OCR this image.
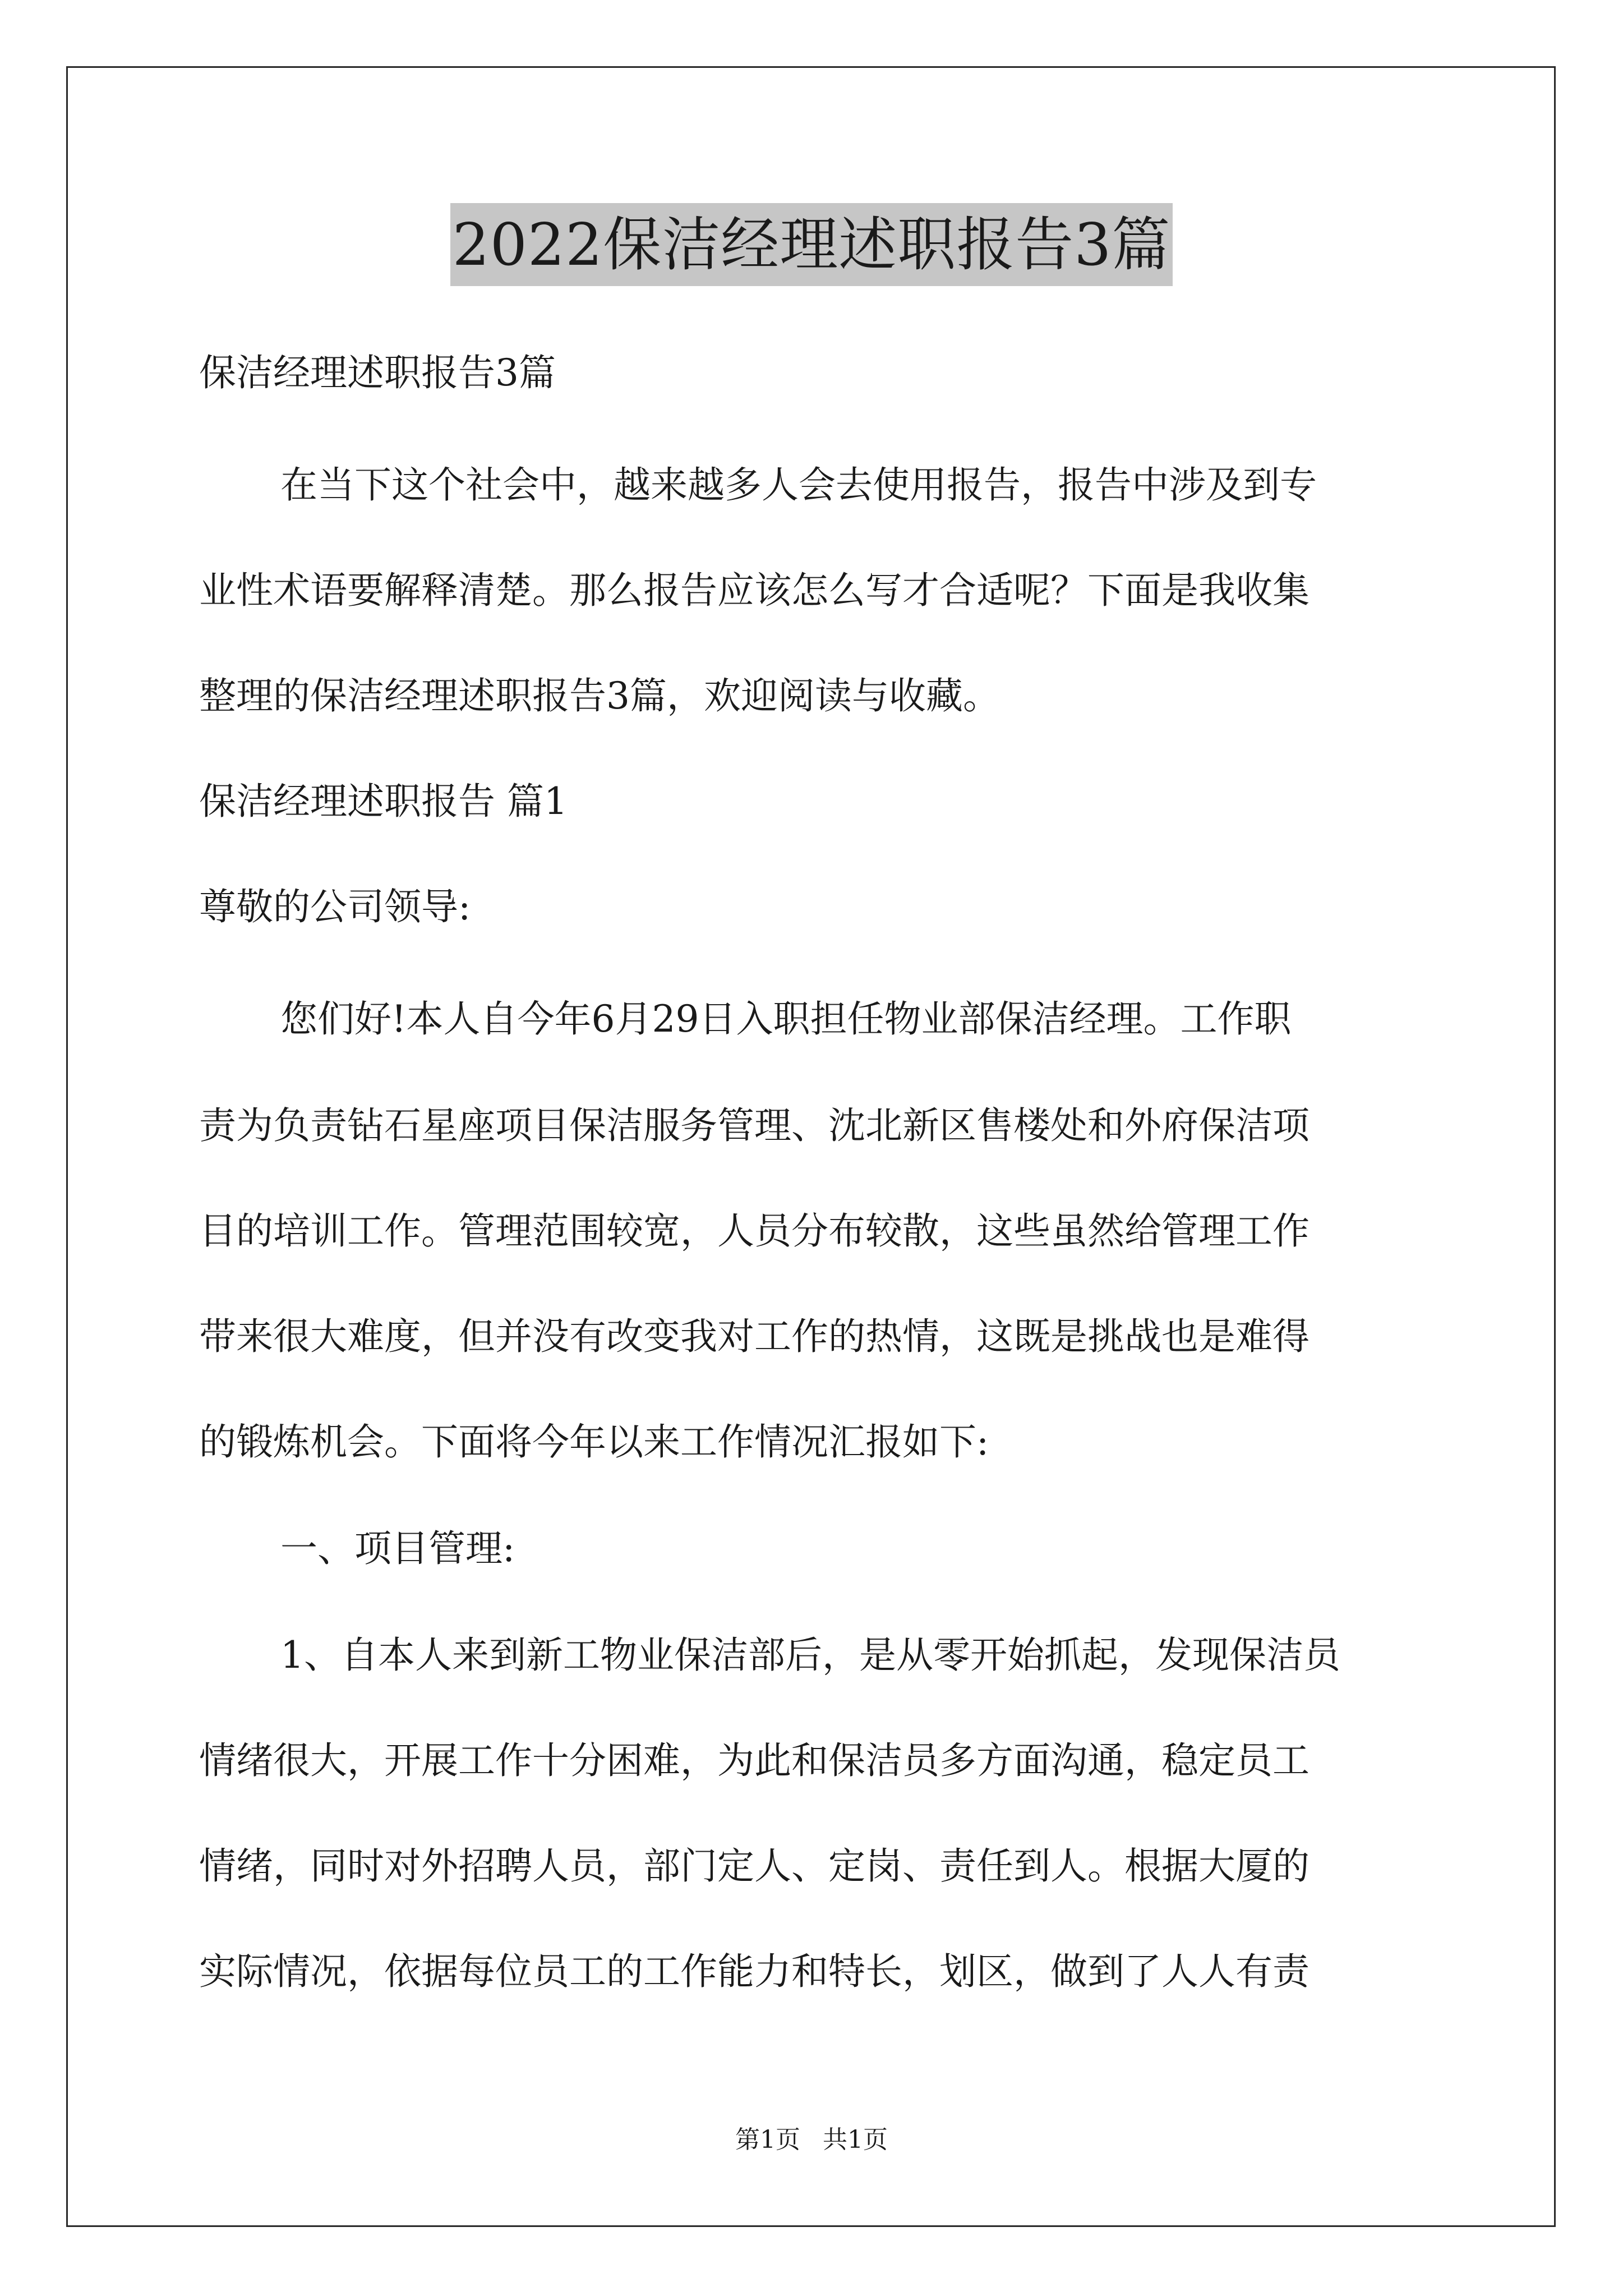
2022保洁经理述职报告3篇
保洁经理述职报告3篇
在当下这个社会中，越来越多人会去使用报告，报告中涉及到专
业性术语要解释清楚。那么报告应该怎么写才合适呢？下面是我收集
整理的保洁经理述职报告3篇，欢迎阅读与收藏。
保洁经理述职报告 篇1
尊敬的公司领导:
您们好!本人自今年6月29日入职担任物业部保洁经理。工作职
责为负责钻石星座项目保洁服务管理、沈北新区售楼处和外府保洁项
目的培训工作。管理范围较宽，人员分布较散，这些虽然给管理工作
带来很大难度，但并没有改变我对工作的热情，这既是挑战也是难得
的锻炼机会。下面将今年以来工作情况汇报如下:
一、项目管理:
1、自本人来到新工物业保洁部后，是从零开始抓起，发现保洁员
情绪很大，开展工作十分困难，为此和保洁员多方面沟通，稳定员工
情绪，同时对外招聘人员，部门定人、定岗、责任到人。根据大厦的
实际情况，依据每位员工的工作能力和特长，划区，做到了人人有责
第1页 共1页
